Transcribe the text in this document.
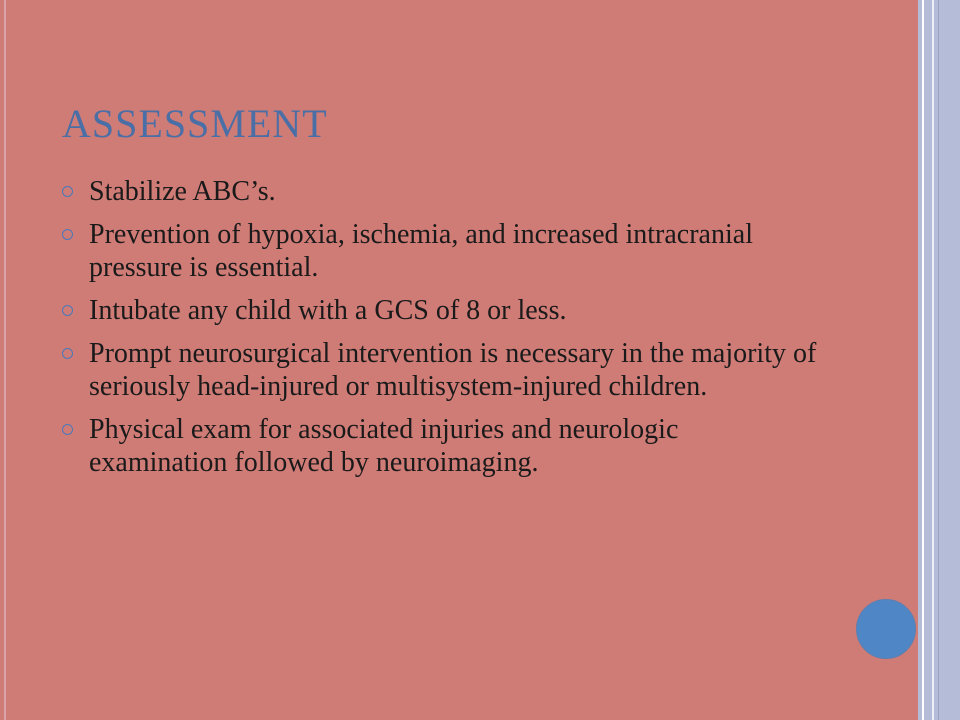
ASSESSMENT
Stabilize ABC’s.
Prevention of hypoxia, ischemia, and increased intracranial pressure is essential.
Intubate any child with a GCS of 8 or less.
Prompt neurosurgical intervention is necessary in the majority of seriously head-injured or multisystem-injured children.
Physical exam for associated injuries and neurologic examination followed by neuroimaging.
